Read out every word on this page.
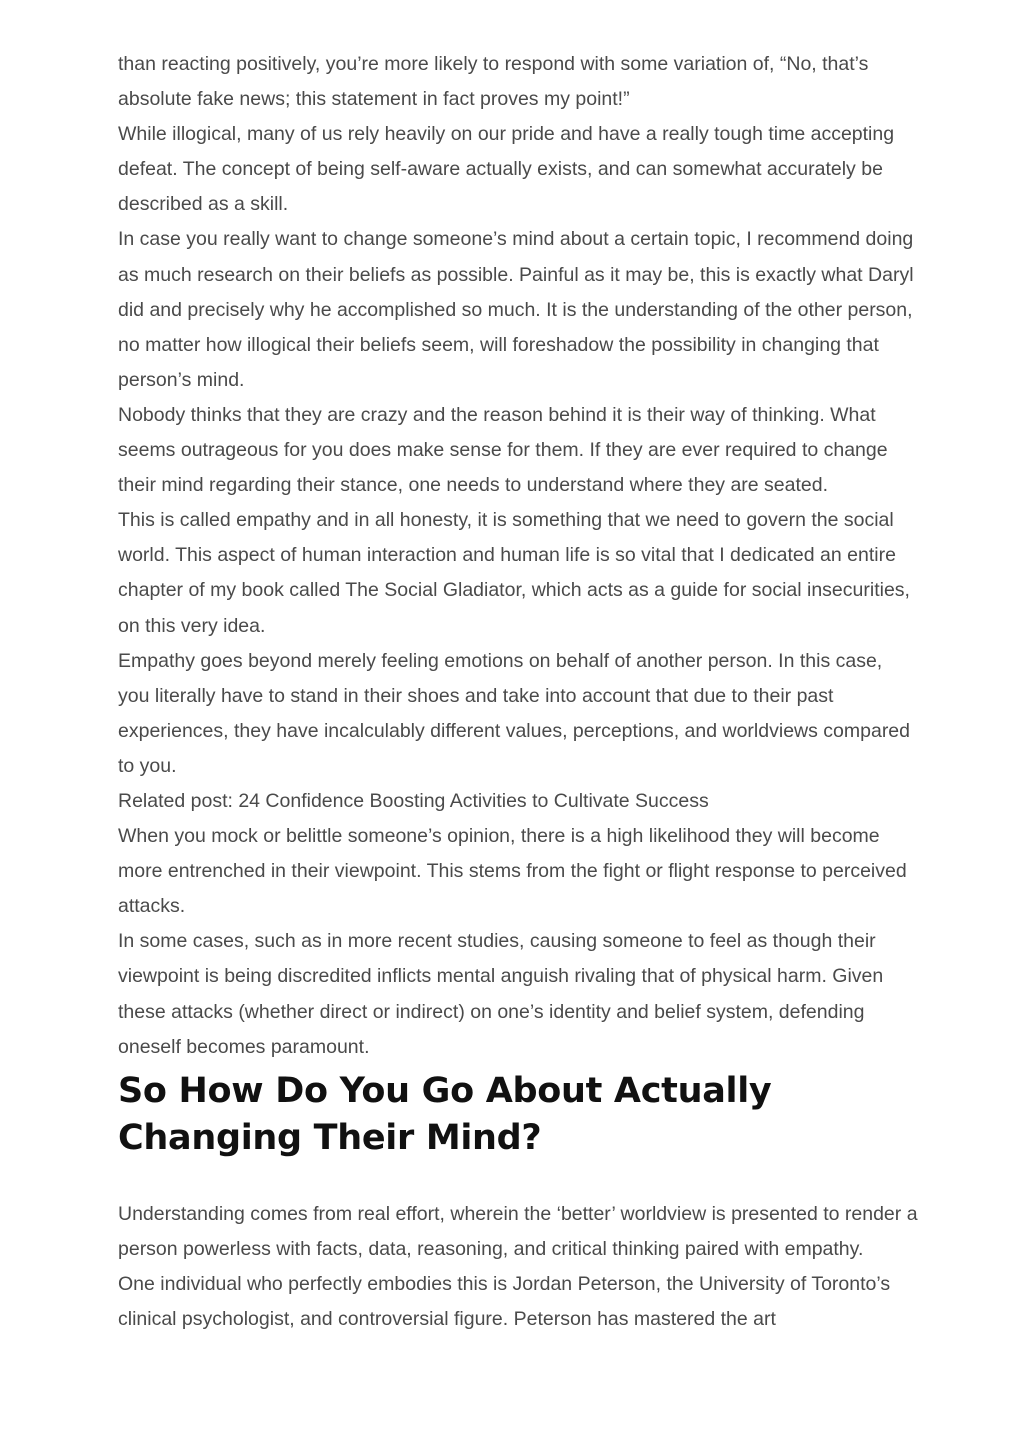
than reacting positively, you’re more likely to respond with some variation of, “No, that’s absolute fake news; this statement in fact proves my point!”

While illogical, many of us rely heavily on our pride and have a really tough time accepting defeat. The concept of being self-aware actually exists, and can somewhat accurately be described as a skill.

In case you really want to change someone’s mind about a certain topic, I recommend doing as much research on their beliefs as possible. Painful as it may be, this is exactly what Daryl did and precisely why he accomplished so much. It is the understanding of the other person, no matter how illogical their beliefs seem, will foreshadow the possibility in changing that person’s mind.

Nobody thinks that they are crazy and the reason behind it is their way of thinking. What seems outrageous for you does make sense for them. If they are ever required to change their mind regarding their stance, one needs to understand where they are seated.

This is called empathy and in all honesty, it is something that we need to govern the social world. This aspect of human interaction and human life is so vital that I dedicated an entire chapter of my book called The Social Gladiator, which acts as a guide for social insecurities, on this very idea.

Empathy goes beyond merely feeling emotions on behalf of another person. In this case, you literally have to stand in their shoes and take into account that due to their past experiences, they have incalculably different values, perceptions, and worldviews compared to you.

Related post: 24 Confidence Boosting Activities to Cultivate Success

When you mock or belittle someone’s opinion, there is a high likelihood they will become more entrenched in their viewpoint. This stems from the fight or flight response to perceived attacks.

In some cases, such as in more recent studies, causing someone to feel as though their viewpoint is being discredited inflicts mental anguish rivaling that of physical harm. Given these attacks (whether direct or indirect) on one’s identity and belief system, defending oneself becomes paramount.

So How Do You Go About Actually Changing Their Mind?

Understanding comes from real effort, wherein the ‘better’ worldview is presented to render a person powerless with facts, data, reasoning, and critical thinking paired with empathy.

One individual who perfectly embodies this is Jordan Peterson, the University of Toronto’s clinical psychologist, and controversial figure. Peterson has mastered the art
